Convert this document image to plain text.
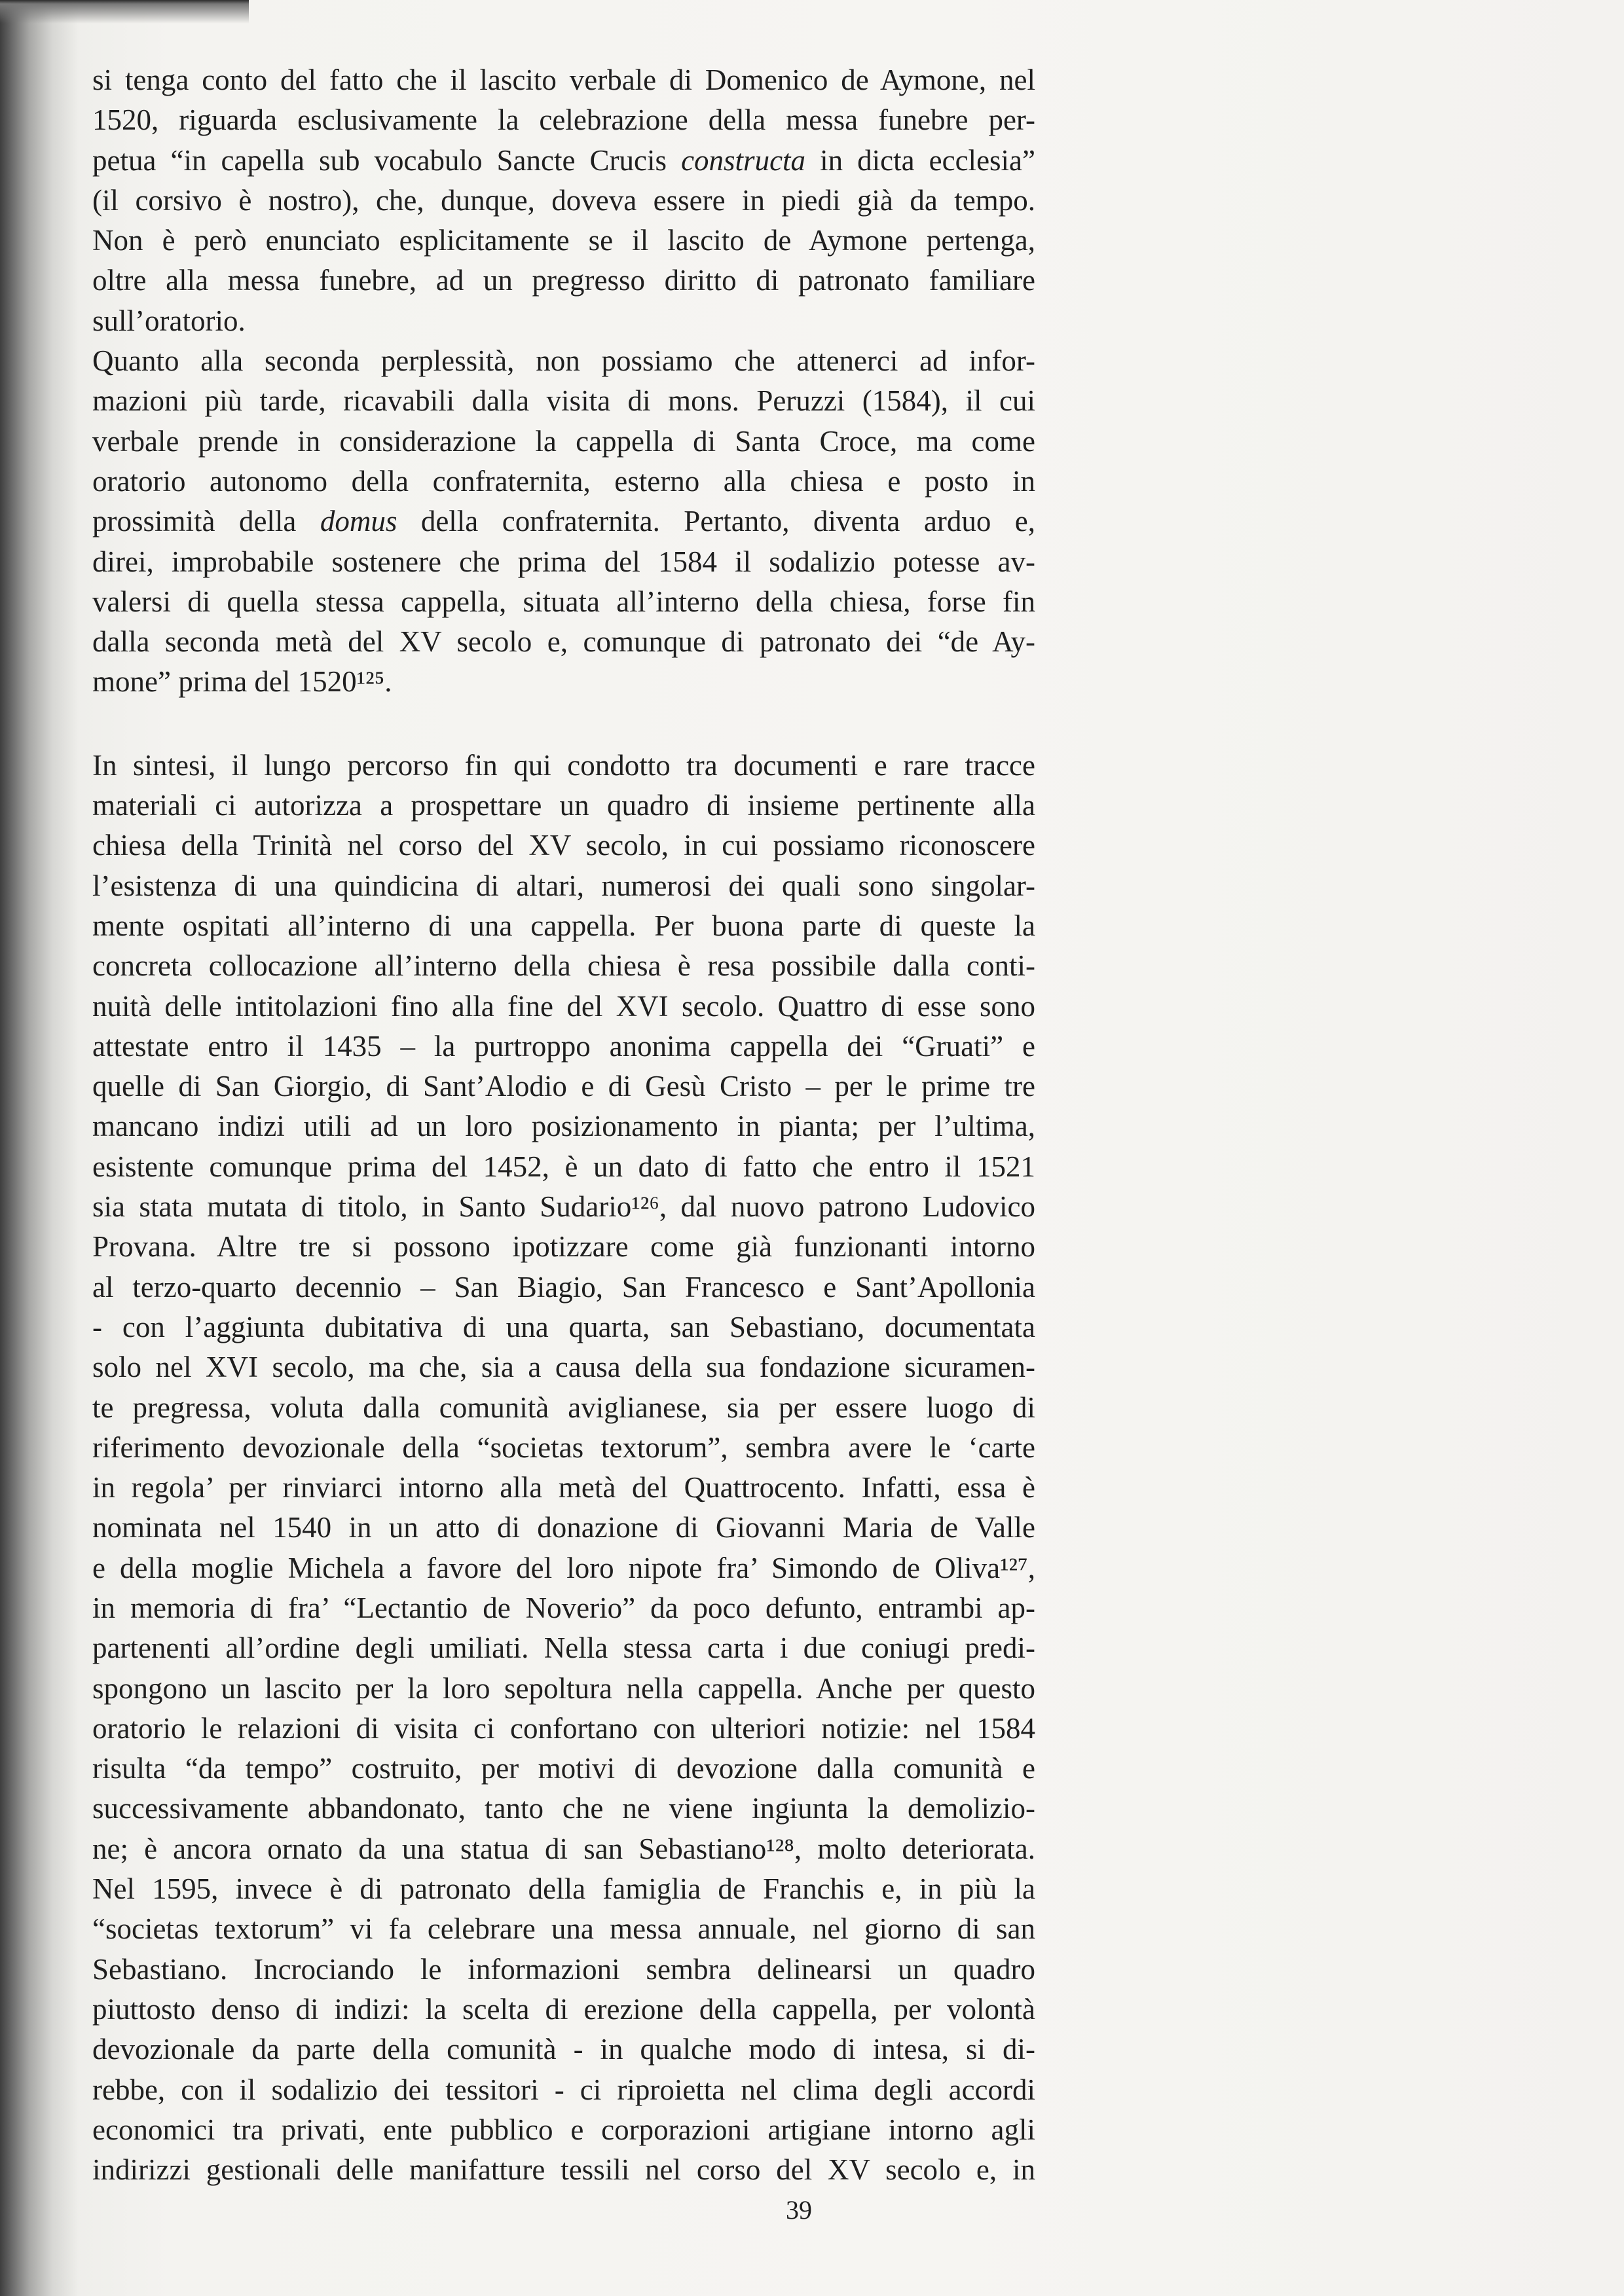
si tenga conto del fatto che il lascito verbale di Domenico de Aymone, nel
1520, riguarda esclusivamente la celebrazione della messa funebre per-
petua “in capella sub vocabulo Sancte Crucis constructa in dicta ecclesia”
(il corsivo è nostro), che, dunque, doveva essere in piedi già da tempo.
Non è però enunciato esplicitamente se il lascito de Aymone pertenga,
oltre alla messa funebre, ad un pregresso diritto di patronato familiare
sull’oratorio.
Quanto alla seconda perplessità, non possiamo che attenerci ad infor-
mazioni più tarde, ricavabili dalla visita di mons. Peruzzi (1584), il cui
verbale prende in considerazione la cappella di Santa Croce, ma come
oratorio autonomo della confraternita, esterno alla chiesa e posto in
prossimità della domus della confraternita. Pertanto, diventa arduo e,
direi, improbabile sostenere che prima del 1584 il sodalizio potesse av-
valersi di quella stessa cappella, situata all’interno della chiesa, forse fin
dalla seconda metà del XV secolo e, comunque di patronato dei “de Ay-
mone” prima del 1520¹²⁵.
In sintesi, il lungo percorso fin qui condotto tra documenti e rare tracce
materiali ci autorizza a prospettare un quadro di insieme pertinente alla
chiesa della Trinità nel corso del XV secolo, in cui possiamo riconoscere
l’esistenza di una quindicina di altari, numerosi dei quali sono singolar-
mente ospitati all’interno di una cappella. Per buona parte di queste la
concreta collocazione all’interno della chiesa è resa possibile dalla conti-
nuità delle intitolazioni fino alla fine del XVI secolo. Quattro di esse sono
attestate entro il 1435 – la purtroppo anonima cappella dei “Gruati” e
quelle di San Giorgio, di Sant’Alodio e di Gesù Cristo – per le prime tre
mancano indizi utili ad un loro posizionamento in pianta; per l’ultima,
esistente comunque prima del 1452, è un dato di fatto che entro il 1521
sia stata mutata di titolo, in Santo Sudario¹²⁶, dal nuovo patrono Ludovico
Provana. Altre tre si possono ipotizzare come già funzionanti intorno
al terzo-quarto decennio – San Biagio, San Francesco e Sant’Apollonia
- con l’aggiunta dubitativa di una quarta, san Sebastiano, documentata
solo nel XVI secolo, ma che, sia a causa della sua fondazione sicuramen-
te pregressa, voluta dalla comunità aviglianese, sia per essere luogo di
riferimento devozionale della “societas textorum”, sembra avere le ‘carte
in regola’ per rinviarci intorno alla metà del Quattrocento. Infatti, essa è
nominata nel 1540 in un atto di donazione di Giovanni Maria de Valle
e della moglie Michela a favore del loro nipote fra’ Simondo de Oliva¹²⁷,
in memoria di fra’ “Lectantio de Noverio” da poco defunto, entrambi ap-
partenenti all’ordine degli umiliati. Nella stessa carta i due coniugi predi-
spongono un lascito per la loro sepoltura nella cappella. Anche per questo
oratorio le relazioni di visita ci confortano con ulteriori notizie: nel 1584
risulta “da tempo” costruito, per motivi di devozione dalla comunità e
successivamente abbandonato, tanto che ne viene ingiunta la demolizio-
ne; è ancora ornato da una statua di san Sebastiano¹²⁸, molto deteriorata.
Nel 1595, invece è di patronato della famiglia de Franchis e, in più la
“societas textorum” vi fa celebrare una messa annuale, nel giorno di san
Sebastiano. Incrociando le informazioni sembra delinearsi un quadro
piuttosto denso di indizi: la scelta di erezione della cappella, per volontà
devozionale da parte della comunità - in qualche modo di intesa, si di-
rebbe, con il sodalizio dei tessitori - ci riproietta nel clima degli accordi
economici tra privati, ente pubblico e corporazioni artigiane intorno agli
indirizzi gestionali delle manifatture tessili nel corso del XV secolo e, in
39
